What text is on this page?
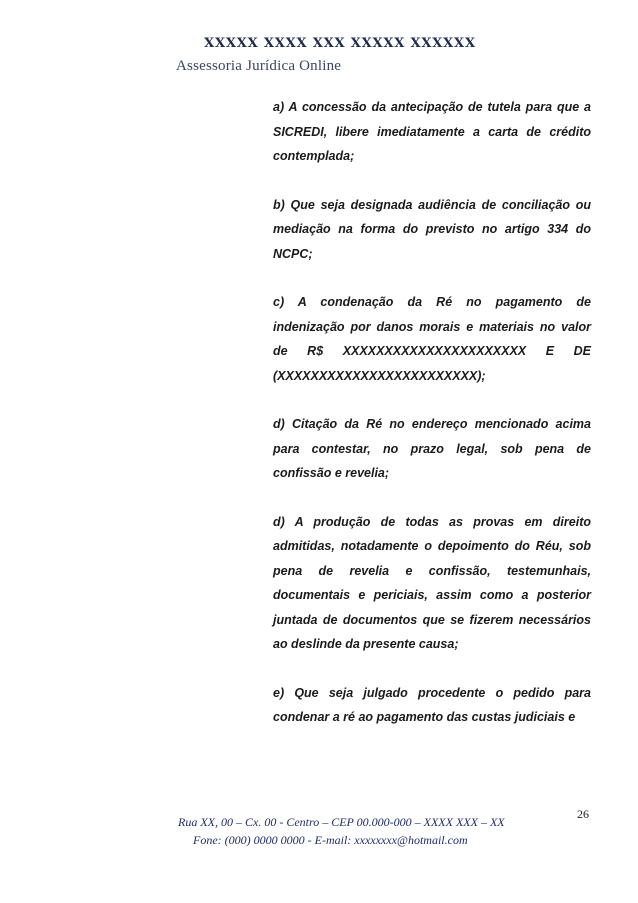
XXXXX XXXX XXX XXXXX XXXXXX
Assessoria Jurídica Online

a) A concessão da antecipação de tutela para que a SICREDI, libere imediatamente a carta de crédito contemplada;

b) Que seja designada audiência de conciliação ou mediação na forma do previsto no artigo 334 do NCPC;

c) A condenação da Ré no pagamento de indenização por danos morais e materiais no valor de R$ XXXXXXXXXXXXXXXXXXXXXX E DE (XXXXXXXXXXXXXXXXXXXXXXXX);

d) Citação da Ré no endereço mencionado acima para contestar, no prazo legal, sob pena de confissão e revelia;

d) A produção de todas as provas em direito admitidas, notadamente o depoimento do Réu, sob pena de revelia e confissão, testemunhais, documentais e periciais, assim como a posterior juntada de documentos que se fizerem necessários ao deslinde da presente causa;

e) Que seja julgado procedente o pedido para condenar a ré ao pagamento das custas judiciais e

26
Rua XX, 00 – Cx. 00 - Centro – CEP 00.000-000 – XXXX XXX – XX
Fone: (000) 0000 0000 - E-mail: xxxxxxxx@hotmail.com
